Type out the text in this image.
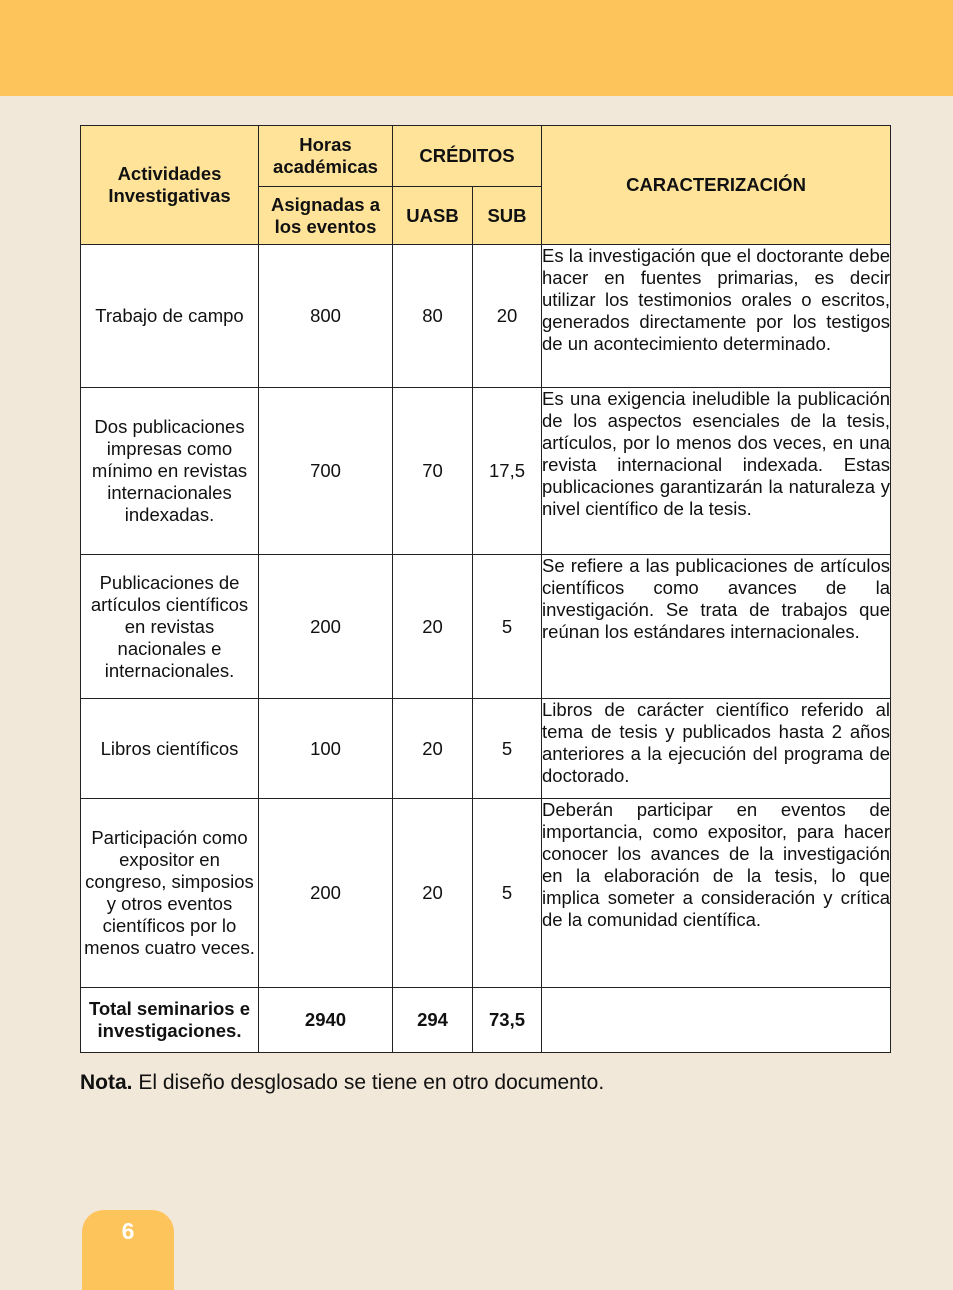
Actividades Investigativas	Horas académicas	CRÉDITOS		CARACTERIZACIÓN
	Asignadas a los eventos	UASB	SUB	
Trabajo de campo	800	80	20	Es la investigación que el doctorante debe hacer en fuentes primarias, es decir utilizar los testimonios orales o escritos, generados directamente por los testigos de un acontecimiento determinado.
Dos publicaciones impresas como mínimo en revistas internacionales indexadas.	700	70	17,5	Es una exigencia ineludible la publicación de los aspectos esenciales de la tesis, artículos, por lo menos dos veces, en una revista internacional indexada. Estas publicaciones garantizarán la naturaleza y nivel científico de la tesis.
Publicaciones de artículos científicos en revistas nacionales e internacionales.	200	20	5	Se refiere a las publicaciones de artículos científicos como avances de la investigación. Se trata de trabajos que reúnan los estándares internacionales.
Libros científicos	100	20	5	Libros de carácter científico referido al tema de tesis y publicados hasta 2 años anteriores a la ejecución del programa de doctorado.
Participación como expositor en congreso, simposios y otros eventos científicos por lo menos cuatro veces.	200	20	5	Deberán participar en eventos de importancia, como expositor, para hacer conocer los avances de la investigación en la elaboración de la tesis, lo que implica someter a consideración y crítica de la comunidad científica.
Total seminarios e investigaciones.	2940	294	73,5	
Nota. El diseño desglosado se tiene en otro documento.
6
